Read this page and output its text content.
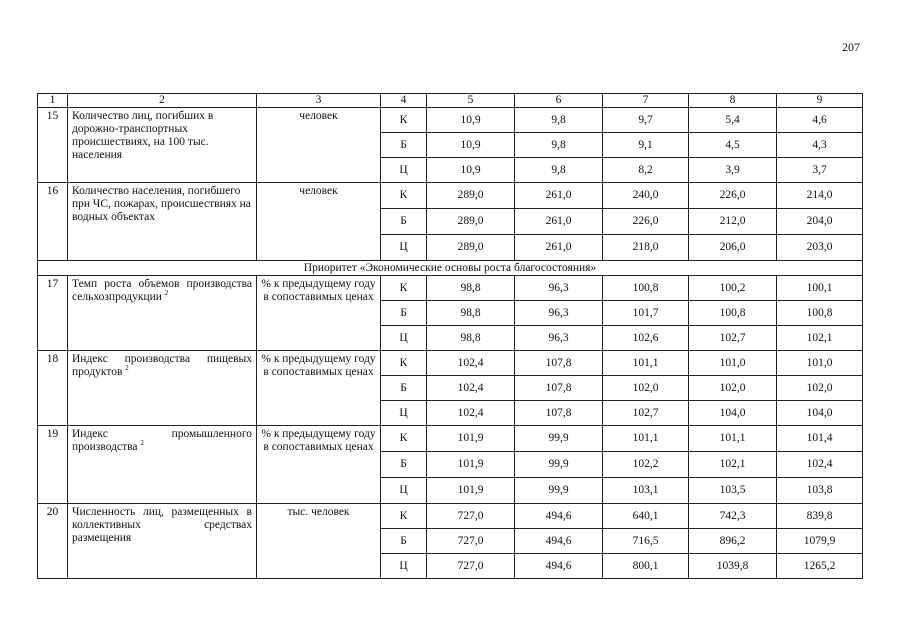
207
1	2	3	4	5	6	7	8	9
15	Количество лиц, погибших в дорожно-транспортных происшествиях, на 100 тыс. населения	человек	К	10,9	9,8	9,7	5,4	4,6
			Б	10,9	9,8	9,1	4,5	4,3
			Ц	10,9	9,8	8,2	3,9	3,7
16	Количество населения, погибшего при ЧС, пожарах, происшествиях на водных объектах	человек	К	289,0	261,0	240,0	226,0	214,0
			Б	289,0	261,0	226,0	212,0	204,0
			Ц	289,0	261,0	218,0	206,0	203,0
Приоритет «Экономические основы роста благосостояния»								
17	Темп роста объемов производства сельхозпродукции $^2$	% к предыдущему году в сопоставимых ценах	К	98,8	96,3	100,8	100,2	100,1
			Б	98,8	96,3	101,7	100,8	100,8
			Ц	98,8	96,3	102,6	102,7	102,1
18	Индекс производства пищевых продуктов $^2$	% к предыдущему году в сопоставимых ценах	К	102,4	107,8	101,1	101,0	101,0
			Б	102,4	107,8	102,0	102,0	102,0
			Ц	102,4	107,8	102,7	104,0	104,0
19	Индекс промышленного производства $^2$	% к предыдущему году в сопоставимых ценах	К	101,9	99,9	101,1	101,1	101,4
			Б	101,9	99,9	102,2	102,1	102,4
			Ц	101,9	99,9	103,1	103,5	103,8
20	Численность лиц, размещенных в коллективных средствах размещения	тыс. человек	К	727,0	494,6	640,1	742,3	839,8
			Б	727,0	494,6	716,5	896,2	1079,9
			Ц	727,0	494,6	800,1	1039,8	1265,2
